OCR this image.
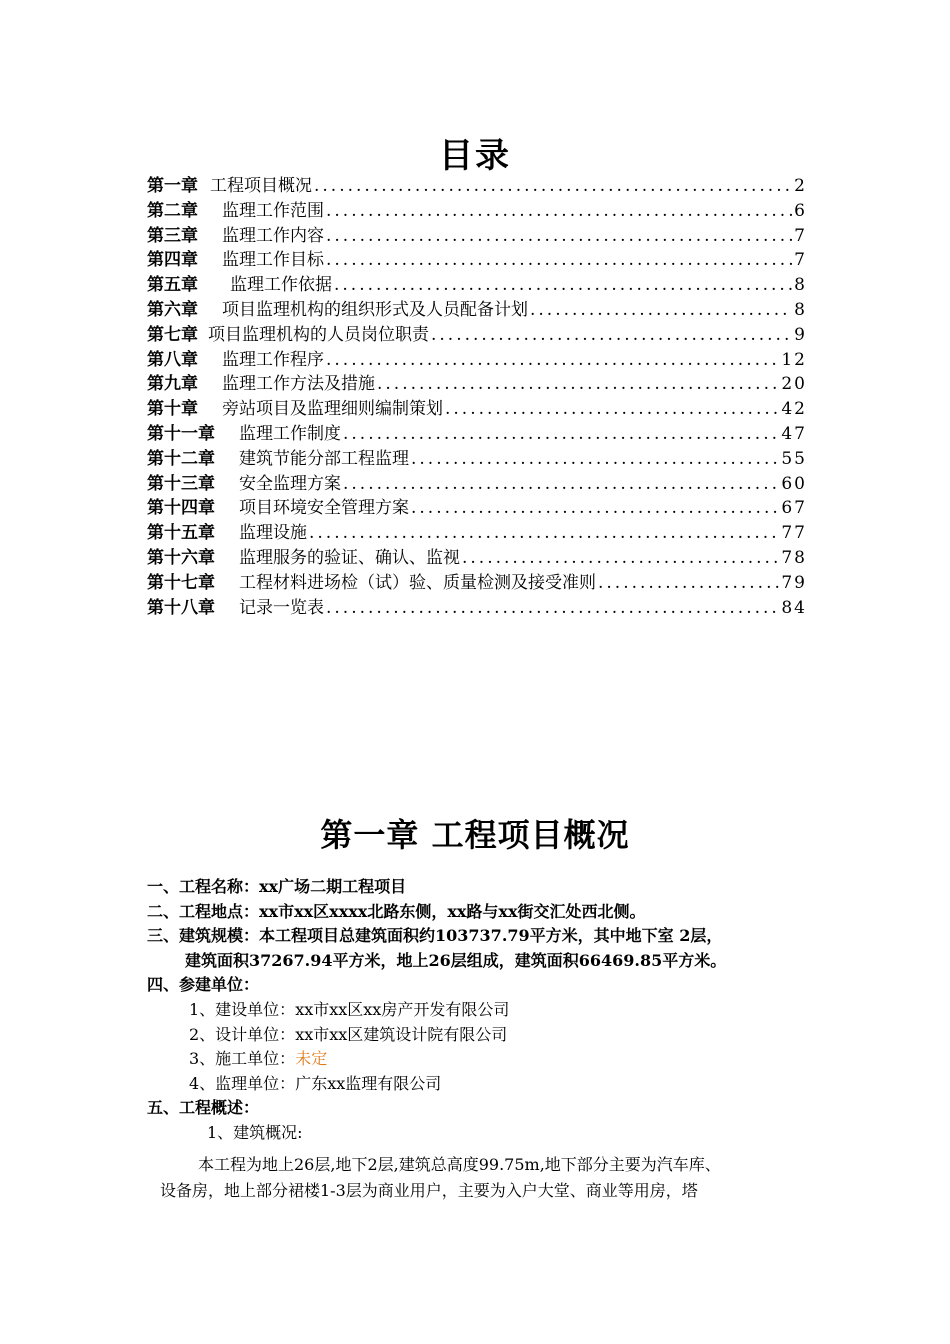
目录
第一章 工程项目概况 .....	2
第二章 监理工作范围 .....	6
第三章 监理工作内容 .....	7
第四章 监理工作目标 .....	7
第五章 监理工作依据 .....	8
第六章 项目监理机构的组织形式及人员配备计划 .....	8
第七章 项目监理机构的人员岗位职责 .....	9
第八章 监理工作程序 .....	12
第九章 监理工作方法及措施 .....	20
第十章 旁站项目及监理细则编制策划 .....	42
第十一章 监理工作制度 .....	47
第十二章 建筑节能分部工程监理 .....	55
第十三章 安全监理方案 .....	60
第十四章 项目环境安全管理方案 .....	67
第十五章 监理设施 .....	77
第十六章 监理服务的验证、确认、监视 .....	78
第十七章 工程材料进场检（试）验、质量检测及接受准则 .....	79
第十八章 记录一览表 .....	84
第一章 工程项目概况
一、工程名称：xx广场二期工程项目
二、工程地点：xx市xx区xxxx北路东侧，xx路与xx街交汇处西北侧。
三、建筑规模：本工程项目总建筑面积约103737.79平方米，其中地下室 2层，
建筑面积37267.94平方米，地上26层组成，建筑面积66469.85平方米。
四、参建单位：
1、建设单位：xx市xx区xx房产开发有限公司
2、设计单位：xx市xx区建筑设计院有限公司
3、施工单位：未定
4、监理单位：广东xx监理有限公司
五、工程概述：
1、建筑概况:
本工程为地上26层,地下2层,建筑总高度99.75m,地下部分主要为汽车库、
设备房，地上部分裙楼1-3层为商业用户，主要为入户大堂、商业等用房，塔
